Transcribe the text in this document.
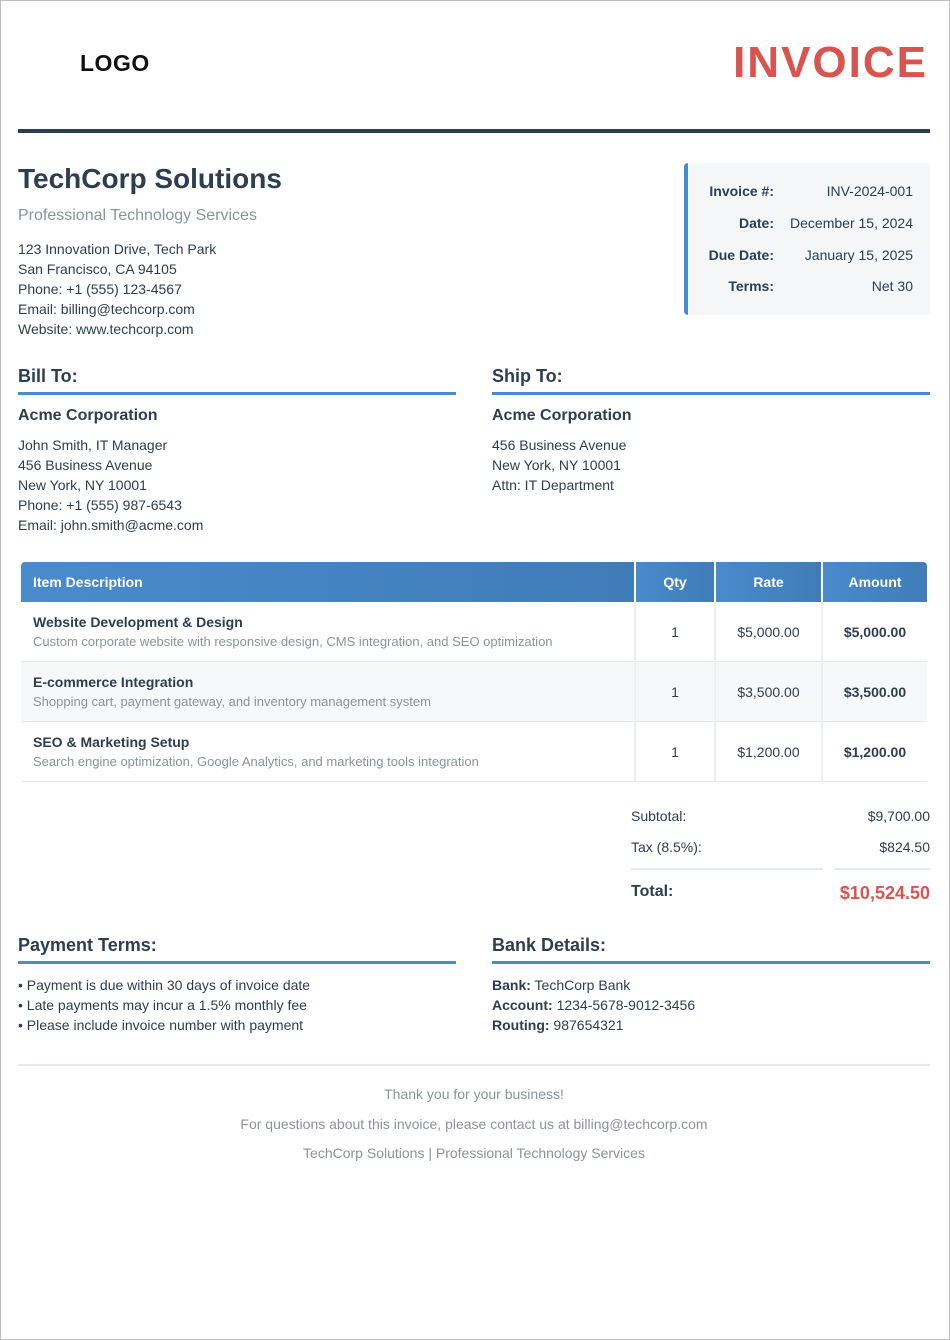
LOGO	INVOICE
TechCorp Solutions
Professional Technology Services
123 Innovation Drive, Tech Park
San Francisco, CA 94105
Phone: +1 (555) 123-4567
Email: billing@techcorp.com
Website: www.techcorp.com
Invoice #:	INV-2024-001
Date: December 15, 2024
Due Date: January 15, 2025
Terms:	Net 30
Bill To:
Acme Corporation
John Smith, IT Manager
456 Business Avenue
New York, NY 10001
Phone: +1 (555) 987-6543
Email: john.smith@acme.com
Ship To:
Acme Corporation
456 Business Avenue
New York, NY 10001
Attn: IT Department
Item Description	Qty	Rate	Amount

Website Development & Design
Custom corporate website with responsive design, CMS integration, and SEO optimization	1	$5,000.00	$5,000.00

E-commerce Integration
Shopping cart, payment gateway, and inventory management system	1	$3,500.00	$3,500.00

SEO & Marketing Setup
Search engine optimization, Google Analytics, and marketing tools integration	1	$1,200.00	$1,200.00
Subtotal:	$9,700.00
Tax (8.5%):	$824.50
Total:	$10,524.50
Payment Terms:
• Payment is due within 30 days of invoice date
• Late payments may incur a 1.5% monthly fee
• Please include invoice number with payment
Bank Details:
Bank: TechCorp Bank
Account: 1234-5678-9012-3456
Routing: 987654321
Thank you for your business!
For questions about this invoice, please contact us at billing@techcorp.com
TechCorp Solutions | Professional Technology Services
